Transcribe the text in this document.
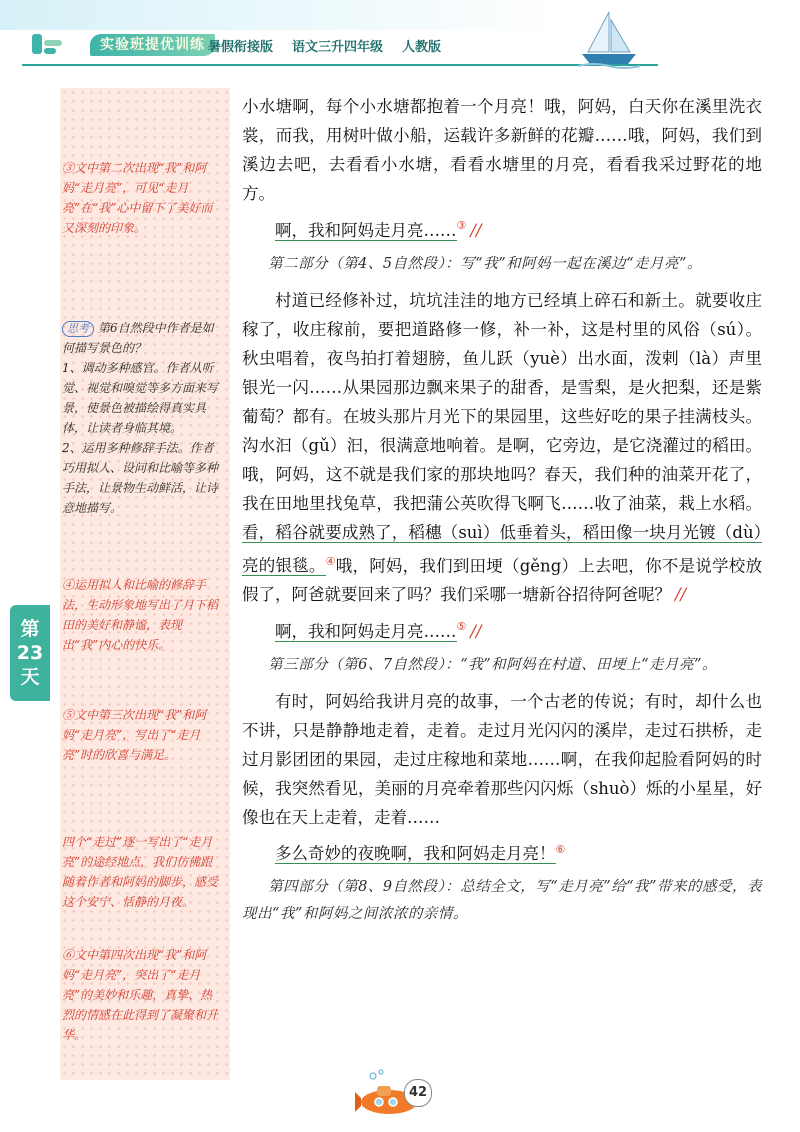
实验班提优训练 暑假衔接版 语文三升四年级 人教版
第
23
天
③文中第二次出现“我”和阿妈“走月亮”，可见“走月亮”在“我”心中留下了美好而又深刻的印象。
思考 第6自然段中作者是如何描写景色的？
1、调动多种感官。作者从听觉、视觉和嗅觉等多方面来写景，使景色被描绘得真实具体，让读者身临其境。
2、运用多种修辞手法。作者巧用拟人、设问和比喻等多种手法，让景物生动鲜活，让诗意地描写。
④运用拟人和比喻的修辞手法，生动形象地写出了月下稻田的美好和静谧，表现出“我”内心的快乐。
⑤文中第三次出现“我”和阿妈“走月亮”，写出了“走月亮”时的欣喜与满足。
四个“走过”逐一写出了“走月亮”的途经地点，我们仿佛跟随着作者和阿妈的脚步，感受这个安宁、恬静的月夜。
⑥文中第四次出现“我”和阿妈“走月亮”，突出了“走月亮”的美妙和乐趣，真挚、热烈的情感在此得到了凝聚和升华。

小水塘啊，每个小水塘都抱着一个月亮！哦，阿妈，白天你在溪里洗衣裳，而我，用树叶做小船，运载许多新鲜的花瓣……哦，阿妈，我们到溪边去吧，去看看小水塘，看看水塘里的月亮，看看我采过野花的地方。

啊，我和阿妈走月亮……③ //

第二部分（第4、5自然段）：写“我”和阿妈一起在溪边“走月亮”。

村道已经修补过，坑坑洼洼的地方已经填上碎石和新土。就要收庄稼了，收庄稼前，要把道路修一修，补一补，这是村里的风俗（sú）。秋虫唱着，夜鸟拍打着翅膀，鱼儿跃（yuè）出水面，泼剌（là）声里银光一闪……从果园那边飘来果子的甜香，是雪梨，是火把梨，还是紫葡萄？都有。在坡头那片月光下的果园里，这些好吃的果子挂满枝头。沟水汩（gǔ）汩，很满意地响着。是啊，它旁边，是它浇灌过的稻田。哦，阿妈，这不就是我们家的那块地吗？春天，我们种的油菜开花了，我在田地里找兔草，我把蒲公英吹得飞啊飞……收了油菜，栽上水稻。看，稻谷就要成熟了，稻穗（suì）低垂着头，稻田像一块月光镀（dù）亮的银毯。④哦，阿妈，我们到田埂（gěng）上去吧，你不是说学校放假了，阿爸就要回来了吗？我们采哪一塘新谷招待阿爸呢？ //

啊，我和阿妈走月亮……⑤ //

第三部分（第6、7自然段）：“我”和阿妈在村道、田埂上“走月亮”。

有时，阿妈给我讲月亮的故事，一个古老的传说；有时，却什么也不讲，只是静静地走着，走着。走过月光闪闪的溪岸，走过石拱桥，走过月影团团的果园，走过庄稼地和菜地……啊，在我仰起脸看阿妈的时候，我突然看见，美丽的月亮牵着那些闪闪烁（shuò）烁的小星星，好像也在天上走着，走着……

多么奇妙的夜晚啊，我和阿妈走月亮！⑥

第四部分（第8、9自然段）：总结全文，写“走月亮”给“我”带来的感受，表现出“我”和阿妈之间浓浓的亲情。

42
